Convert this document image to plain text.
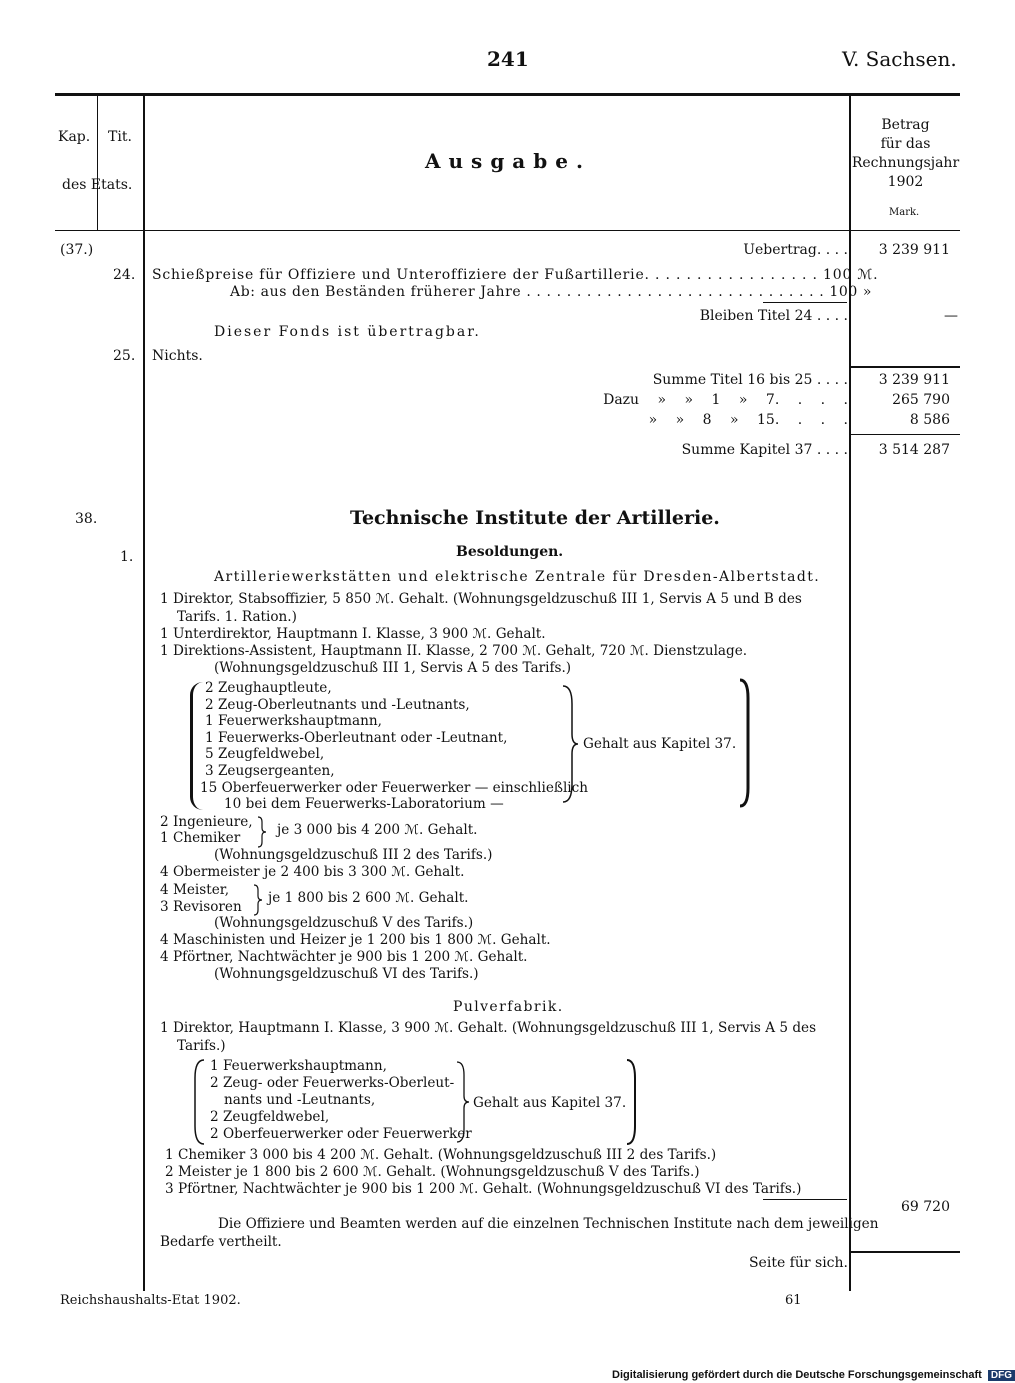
241	V. Sachsen.
Kap. Tit.
des Etats.
Ausgabe.
Betrag
für das
Rechnungsjahr
1902
Mark.
(37.)	Uebertrag. . . . 3 239 911
24. Schießpreise für Offiziere und Unteroffiziere der Fußartillerie. . . . . . . . . . . . . . . . . 100 ℳ.
Ab: aus den Beständen früherer Jahre . . . . . . . . . . . . . . . . . . . . . . . . . . . . . . 100 »
Bleiben Titel 24 . . . .	—
Dieser Fonds ist übertragbar.
25. Nichts.
Summe Titel 16 bis 25 . . . . 3 239 911
Dazu » » 1 » 7. . . .	265 790
» » 8 » 15. . . .	8 586
Summe Kapitel 37 . . . . 3 514 287
38.	Technische Institute der Artillerie.
1.	Besoldungen.
Artilleriewerkstätten und elektrische Zentrale für Dresden-Albertstadt.
1 Direktor, Stabsoffizier, 5 850 ℳ. Gehalt. (Wohnungsgeldzuschuß III 1, Servis A 5 und B des
Tarifs. 1. Ration.)
1 Unterdirektor, Hauptmann I. Klasse, 3 900 ℳ. Gehalt.
1 Direktions-Assistent, Hauptmann II. Klasse, 2 700 ℳ. Gehalt, 720 ℳ. Dienstzulage.
(Wohnungsgeldzuschuß III 1, Servis A 5 des Tarifs.)
2 Zeughauptleute,
2 Zeug-Oberleutnants und -Leutnants,
1 Feuerwerkshauptmann,
1 Feuerwerks-Oberleutnant oder -Leutnant,
5 Zeugfeldwebel,
3 Zeugsergeanten,
15 Oberfeuerwerker oder Feuerwerker — einschließlich
10 bei dem Feuerwerks-Laboratorium —
Gehalt aus Kapitel 37.
2 Ingenieure,
1 Chemiker	je 3 000 bis 4 200 ℳ. Gehalt.
(Wohnungsgeldzuschuß III 2 des Tarifs.)
4 Obermeister je 2 400 bis 3 300 ℳ. Gehalt.
4 Meister,
3 Revisoren
je 1 800 bis 2 600 ℳ. Gehalt.
(Wohnungsgeldzuschuß V des Tarifs.)
4 Maschinisten und Heizer je 1 200 bis 1 800 ℳ. Gehalt.
4 Pförtner, Nachtwächter je 900 bis 1 200 ℳ. Gehalt.
(Wohnungsgeldzuschuß VI des Tarifs.)
Pulverfabrik.
1 Direktor, Hauptmann I. Klasse, 3 900 ℳ. Gehalt. (Wohnungsgeldzuschuß III 1, Servis A 5 des
Tarifs.)
1 Feuerwerkshauptmann,
2 Zeug- oder Feuerwerks-Oberleut-
nants und -Leutnants,
2 Zeugfeldwebel,
2 Oberfeuerwerker oder Feuerwerker
Gehalt aus Kapitel 37.
1 Chemiker 3 000 bis 4 200 ℳ. Gehalt. (Wohnungsgeldzuschuß III 2 des Tarifs.)
2 Meister je 1 800 bis 2 600 ℳ. Gehalt. (Wohnungsgeldzuschuß V des Tarifs.)
3 Pförtner, Nachtwächter je 900 bis 1 200 ℳ. Gehalt. (Wohnungsgeldzuschuß VI des Tarifs.)
69 720
Die Offiziere und Beamten werden auf die einzelnen Technischen Institute nach dem jeweiligen
Bedarfe vertheilt.
Seite für sich.
Reichshaushalts-Etat 1902.	61
Digitalisierung gefördert durch die Deutsche Forschungsgemeinschaft DFG
